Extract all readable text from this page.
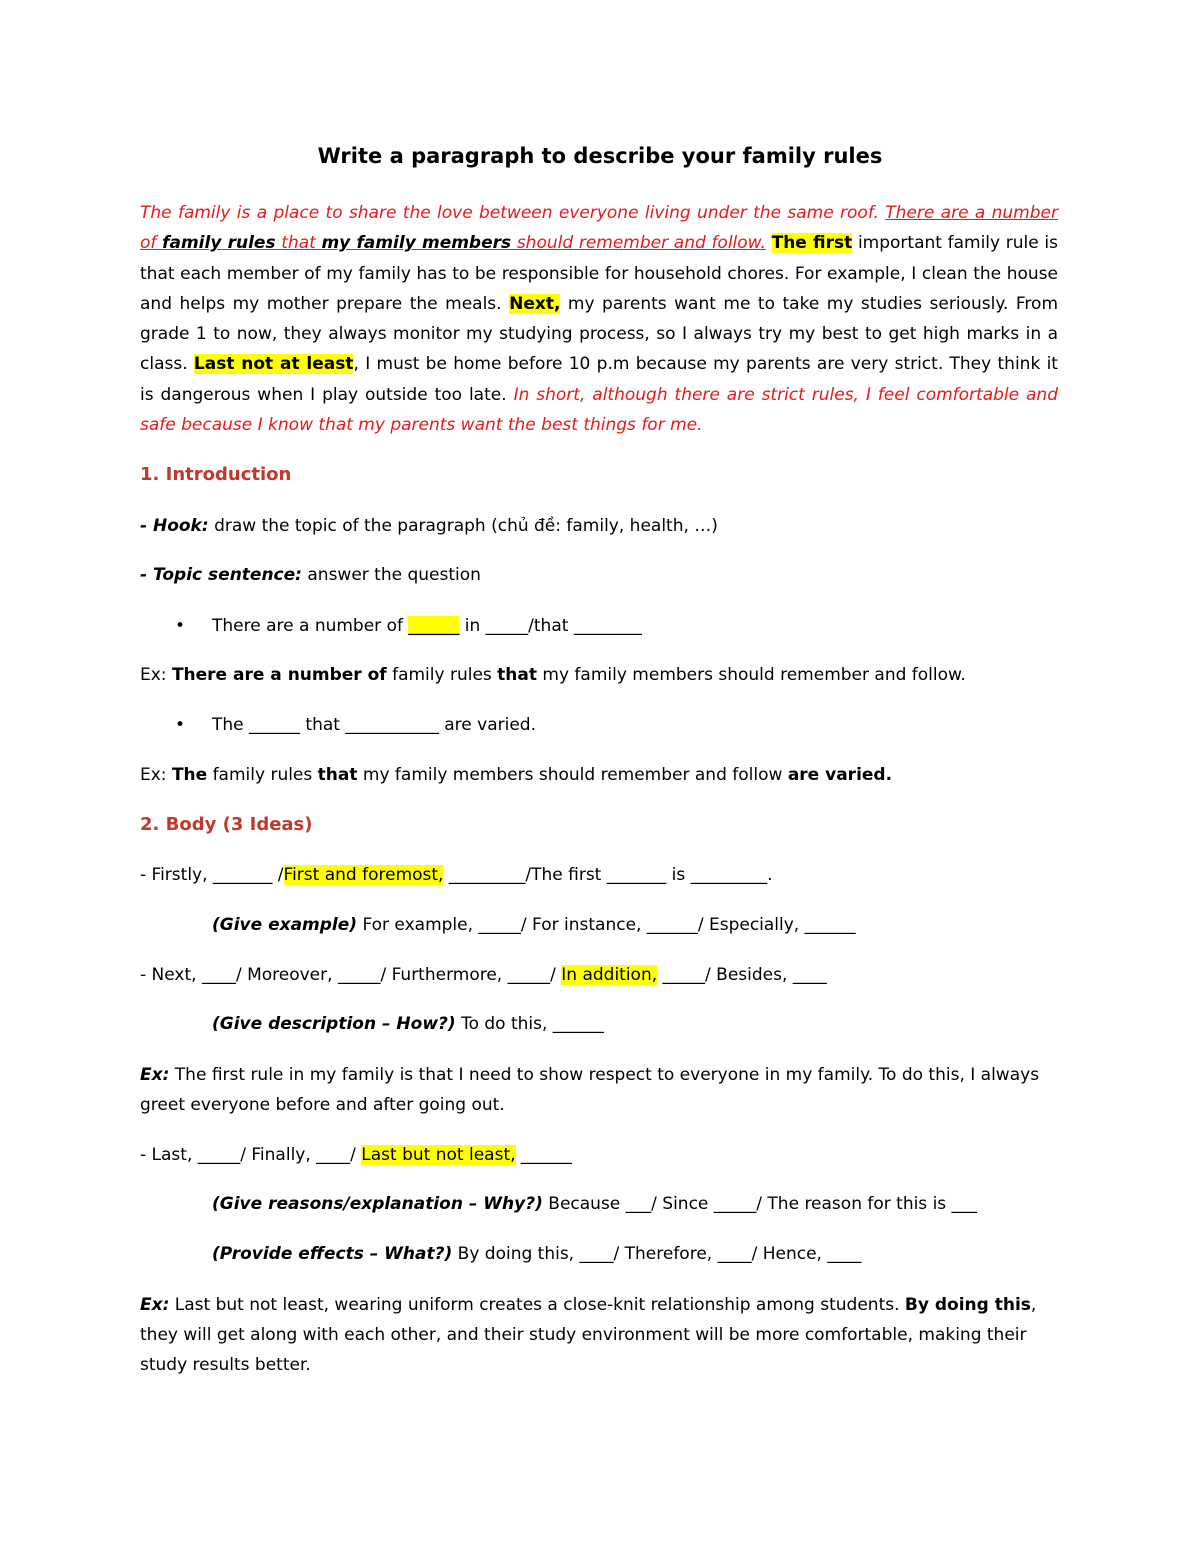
Write a paragraph to describe your family rules

The family is a place to share the love between everyone living under the same roof. There are a number of family rules that my family members should remember and follow. The first important family rule is that each member of my family has to be responsible for household chores. For example, I clean the house and helps my mother prepare the meals. Next, my parents want me to take my studies seriously. From grade 1 to now, they always monitor my studying process, so I always try my best to get high marks in a class. Last not at least, I must be home before 10 p.m because my parents are very strict. They think it is dangerous when I play outside too late. In short, although there are strict rules, I feel comfortable and safe because I know that my parents want the best things for me.

1. Introduction

- Hook: draw the topic of the paragraph (chủ đề: family, health, …)

- Topic sentence: answer the question

• There are a number of ______ in _____/that ________

Ex: There are a number of family rules that my family members should remember and follow.

• The ______ that ___________ are varied.

Ex: The family rules that my family members should remember and follow are varied.

2. Body (3 Ideas)

- Firstly, _______ /First and foremost, _________/The first _______ is _________.

(Give example) For example, _____/ For instance, ______/ Especially, ______

- Next, ____/ Moreover, _____/ Furthermore, _____/ In addition, _____/ Besides, ____

(Give description – How?) To do this, ______

Ex: The first rule in my family is that I need to show respect to everyone in my family. To do this, I always greet everyone before and after going out.

- Last, _____/ Finally, ____/ Last but not least, ______

(Give reasons/explanation – Why?) Because ___/ Since _____/ The reason for this is ___

(Provide effects – What?) By doing this, ____/ Therefore, ____/ Hence, ____

Ex: Last but not least, wearing uniform creates a close-knit relationship among students. By doing this, they will get along with each other, and their study environment will be more comfortable, making their study results better.
